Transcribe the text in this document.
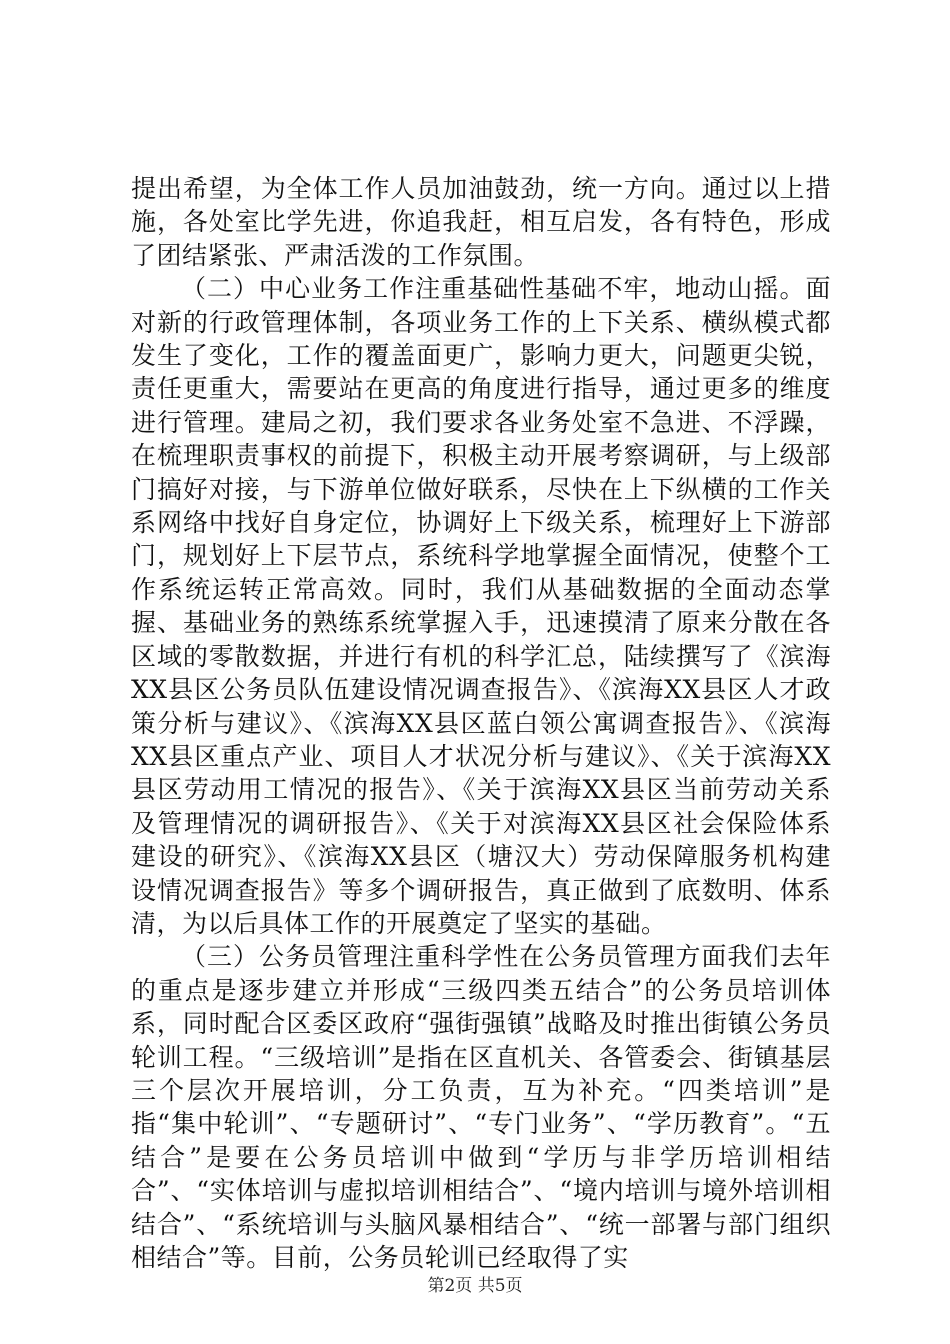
提出希望，为全体工作人员加油鼓劲，统一方向。通过以上措施，各处室比学先进，你追我赶，相互启发，各有特色，形成了团结紧张、严肃活泼的工作氛围。

（二）中心业务工作注重基础性基础不牢，地动山摇。面对新的行政管理体制，各项业务工作的上下关系、横纵模式都发生了变化，工作的覆盖面更广，影响力更大，问题更尖锐，责任更重大，需要站在更高的角度进行指导，通过更多的维度进行管理。建局之初，我们要求各业务处室不急进、不浮躁，在梳理职责事权的前提下，积极主动开展考察调研，与上级部门搞好对接，与下游单位做好联系，尽快在上下纵横的工作关系网络中找好自身定位，协调好上下级关系，梳理好上下游部门，规划好上下层节点，系统科学地掌握全面情况，使整个工作系统运转正常高效。同时，我们从基础数据的全面动态掌握、基础业务的熟练系统掌握入手，迅速摸清了原来分散在各区域的零散数据，并进行有机的科学汇总，陆续撰写了《滨海XX县区公务员队伍建设情况调查报告》、《滨海XX县区人才政策分析与建议》、《滨海XX县区蓝白领公寓调查报告》、《滨海XX县区重点产业、项目人才状况分析与建议》、《关于滨海XX县区劳动用工情况的报告》、《关于滨海XX县区当前劳动关系及管理情况的调研报告》、《关于对滨海XX县区社会保险体系建设的研究》、《滨海XX县区（塘汉大）劳动保障服务机构建设情况调查报告》等多个调研报告，真正做到了底数明、体系清，为以后具体工作的开展奠定了坚实的基础。

（三）公务员管理注重科学性在公务员管理方面我们去年的重点是逐步建立并形成“三级四类五结合”的公务员培训体系，同时配合区委区政府“强街强镇”战略及时推出街镇公务员轮训工程。“三级培训”是指在区直机关、各管委会、街镇基层三个层次开展培训，分工负责，互为补充。“四类培训”是指“集中轮训”、“专题研讨”、“专门业务”、“学历教育”。“五结合”是要在公务员培训中做到“学历与非学历培训相结合”、“实体培训与虚拟培训相结合”、“境内培训与境外培训相结合”、“系统培训与头脑风暴相结合”、“统一部署与部门组织相结合”等。目前，公务员轮训已经取得了实

第2页 共5页
